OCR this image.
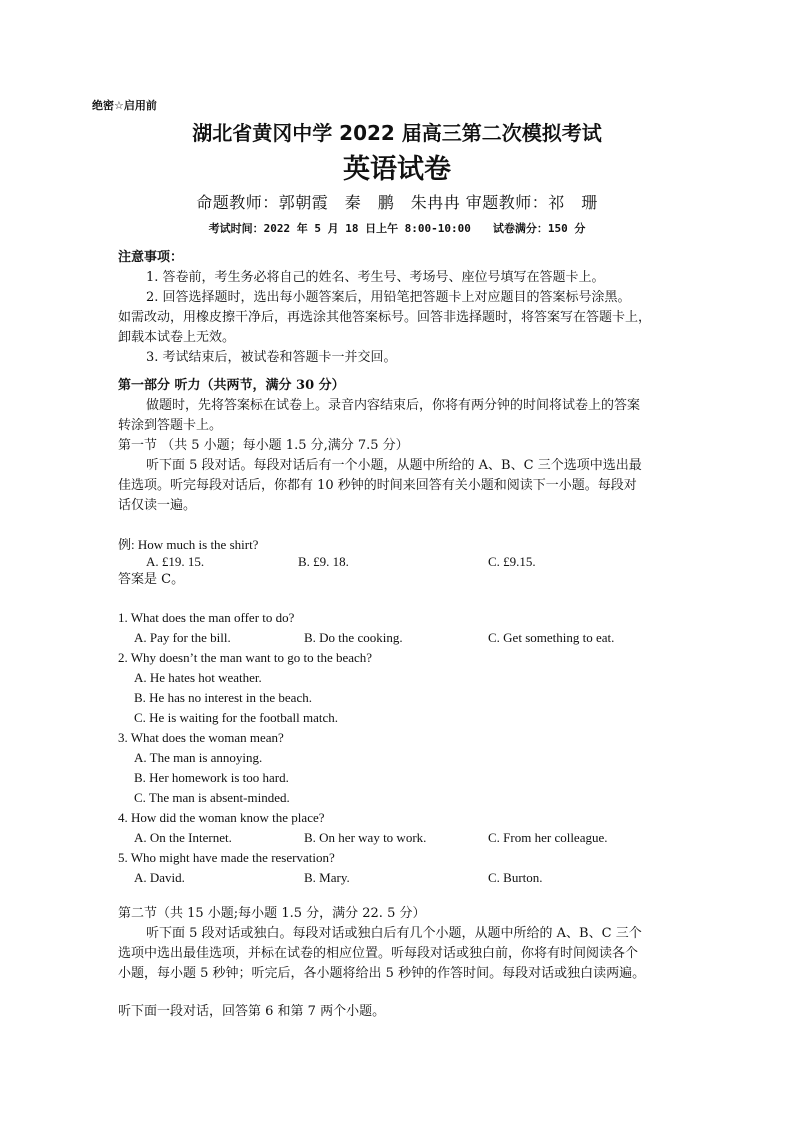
绝密☆启用前
湖北省黄冈中学 2022 届高三第二次模拟考试
英语试卷
命题教师：郭朝霞　秦　鹏　朱冉冉 审题教师：祁　珊
考试时间：2022 年 5 月 18 日上午 8:00-10:00　　试卷满分：150 分
注意事项：
1. 答卷前，考生务必将自己的姓名、考生号、考场号、座位号填写在答题卡上。
2. 回答选择题时，选出每小题答案后，用铅笔把答题卡上对应题目的答案标号涂黑。
如需改动，用橡皮擦干净后，再选涂其他答案标号。回答非选择题时，将答案写在答题卡上，
卸载本试卷上无效。
3. 考试结束后，被试卷和答题卡一并交回。
第一部分 听力（共两节，满分 30 分）
做题时，先将答案标在试卷上。录音内容结束后，你将有两分钟的时间将试卷上的答案
转涂到答题卡上。
第一节 （共 5 小题；每小题 1.5 分,满分 7.5 分）
听下面 5 段对话。每段对话后有一个小题，从题中所给的 A、B、C 三个选项中选出最
佳选项。听完每段对话后，你都有 10 秒钟的时间来回答有关小题和阅读下一小题。每段对
话仅读一遍。
例: How much is the shirt?
A. £19. 15.	B. £9. 18.	C. £9.15.
答案是 C。
1. What does the man offer to do?
A. Pay for the bill.	B. Do the cooking.	C. Get something to eat.
2. Why doesn’t the man want to go to the beach?
A. He hates hot weather.
B. He has no interest in the beach.
C. He is waiting for the football match.
3. What does the woman mean?
A. The man is annoying.
B. Her homework is too hard.
C. The man is absent-minded.
4. How did the woman know the place?
A. On the Internet.	B. On her way to work.	C. From her colleague.
5. Who might have made the reservation?
A. David.	B. Mary.	C. Burton.
第二节（共 15 小题;每小题 1.5 分，满分 22. 5 分）
听下面 5 段对话或独白。每段对话或独白后有几个小题，从题中所给的 A、B、C 三个
选项中选出最佳选项，并标在试卷的相应位置。听每段对话或独白前，你将有时间阅读各个
小题，每小题 5 秒钟；听完后，各小题将给出 5 秒钟的作答时间。每段对话或独白读两遍。
听下面一段对话，回答第 6 和第 7 两个小题。
